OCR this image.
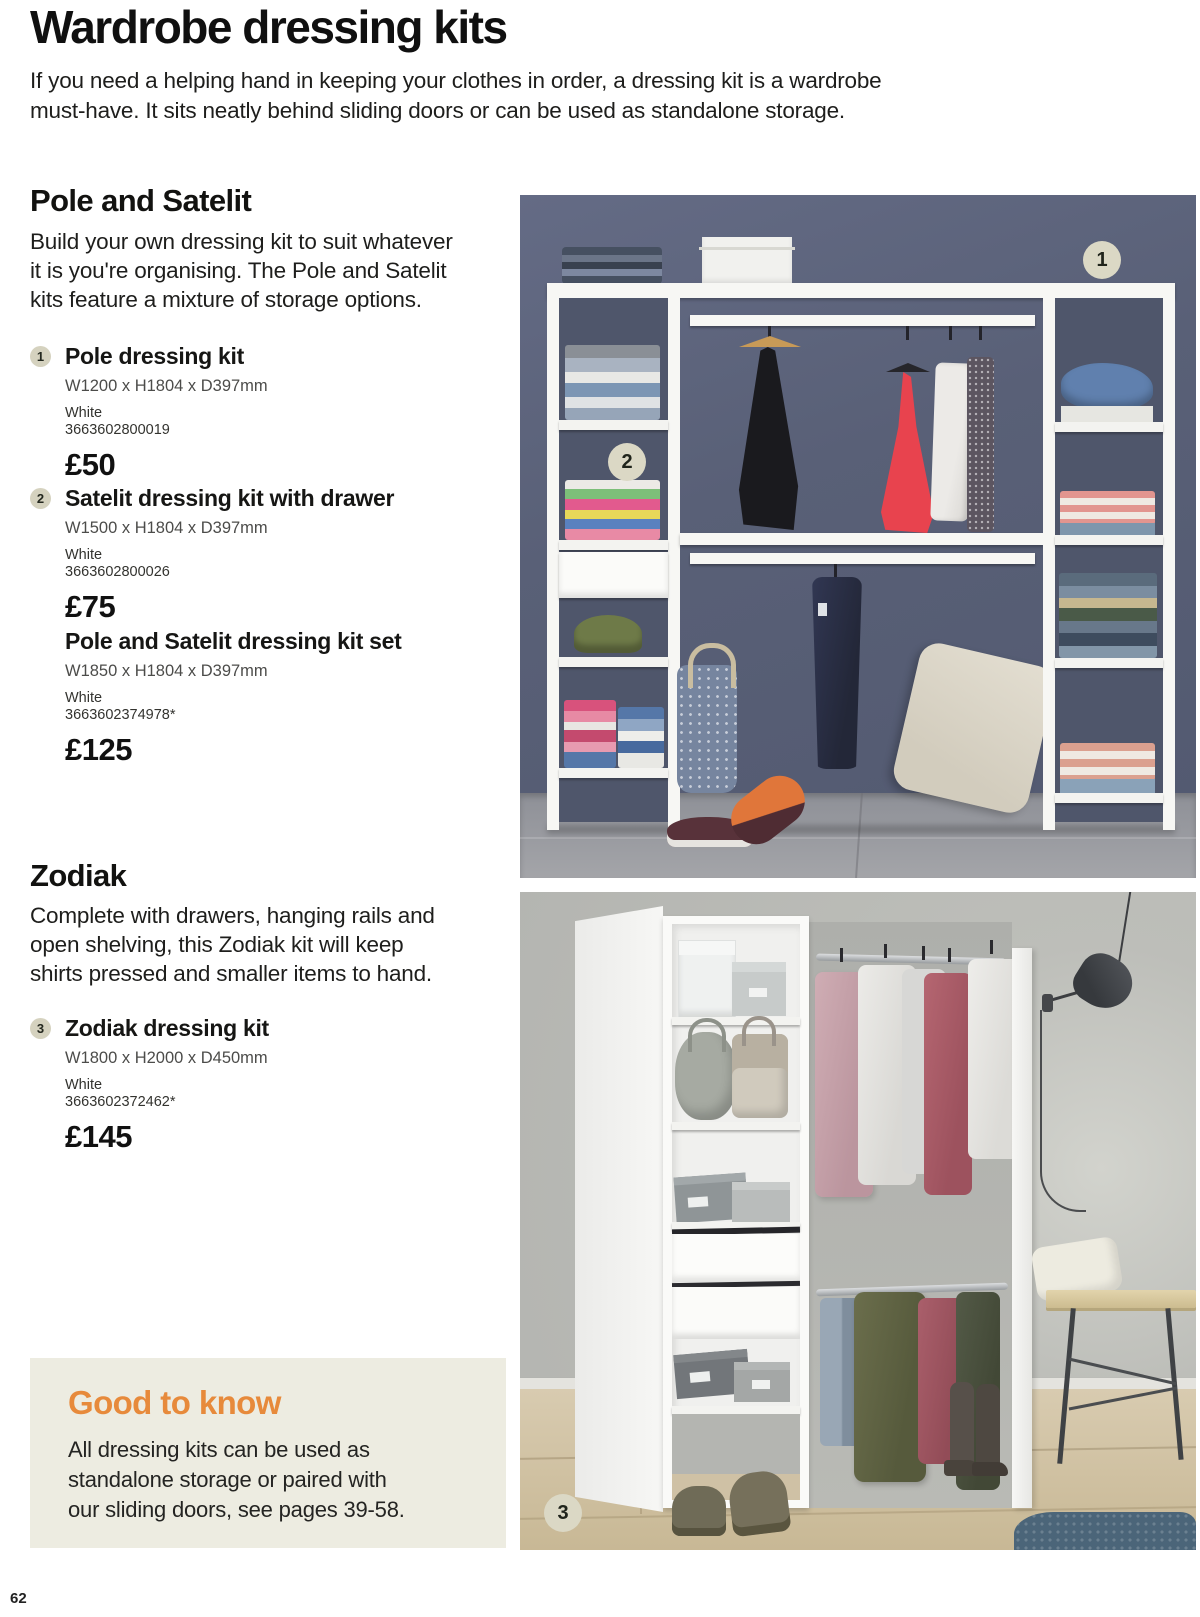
Wardrobe dressing kits
If you need a helping hand in keeping your clothes in order, a dressing kit is a wardrobe
must-have. It sits neatly behind sliding doors or can be used as standalone storage.
Pole and Satelit
Build your own dressing kit to suit whatever
it is you're organising. The Pole and Satelit
kits feature a mixture of storage options.
1 Pole dressing kit
W1200 x H1804 x D397mm
White
3663602800019
£50
2 Satelit dressing kit with drawer
W1500 x H1804 x D397mm
White
3663602800026
£75
Pole and Satelit dressing kit set
W1850 x H1804 x D397mm
White
3663602374978*
£125
Zodiak
Complete with drawers, hanging rails and
open shelving, this Zodiak kit will keep
shirts pressed and smaller items to hand.
3 Zodiak dressing kit
W1800 x H2000 x D450mm
White
3663602372462*
£145
Good to know
All dressing kits can be used as
standalone storage or paired with
our sliding doors, see pages 39-58.
62
1
2
3
